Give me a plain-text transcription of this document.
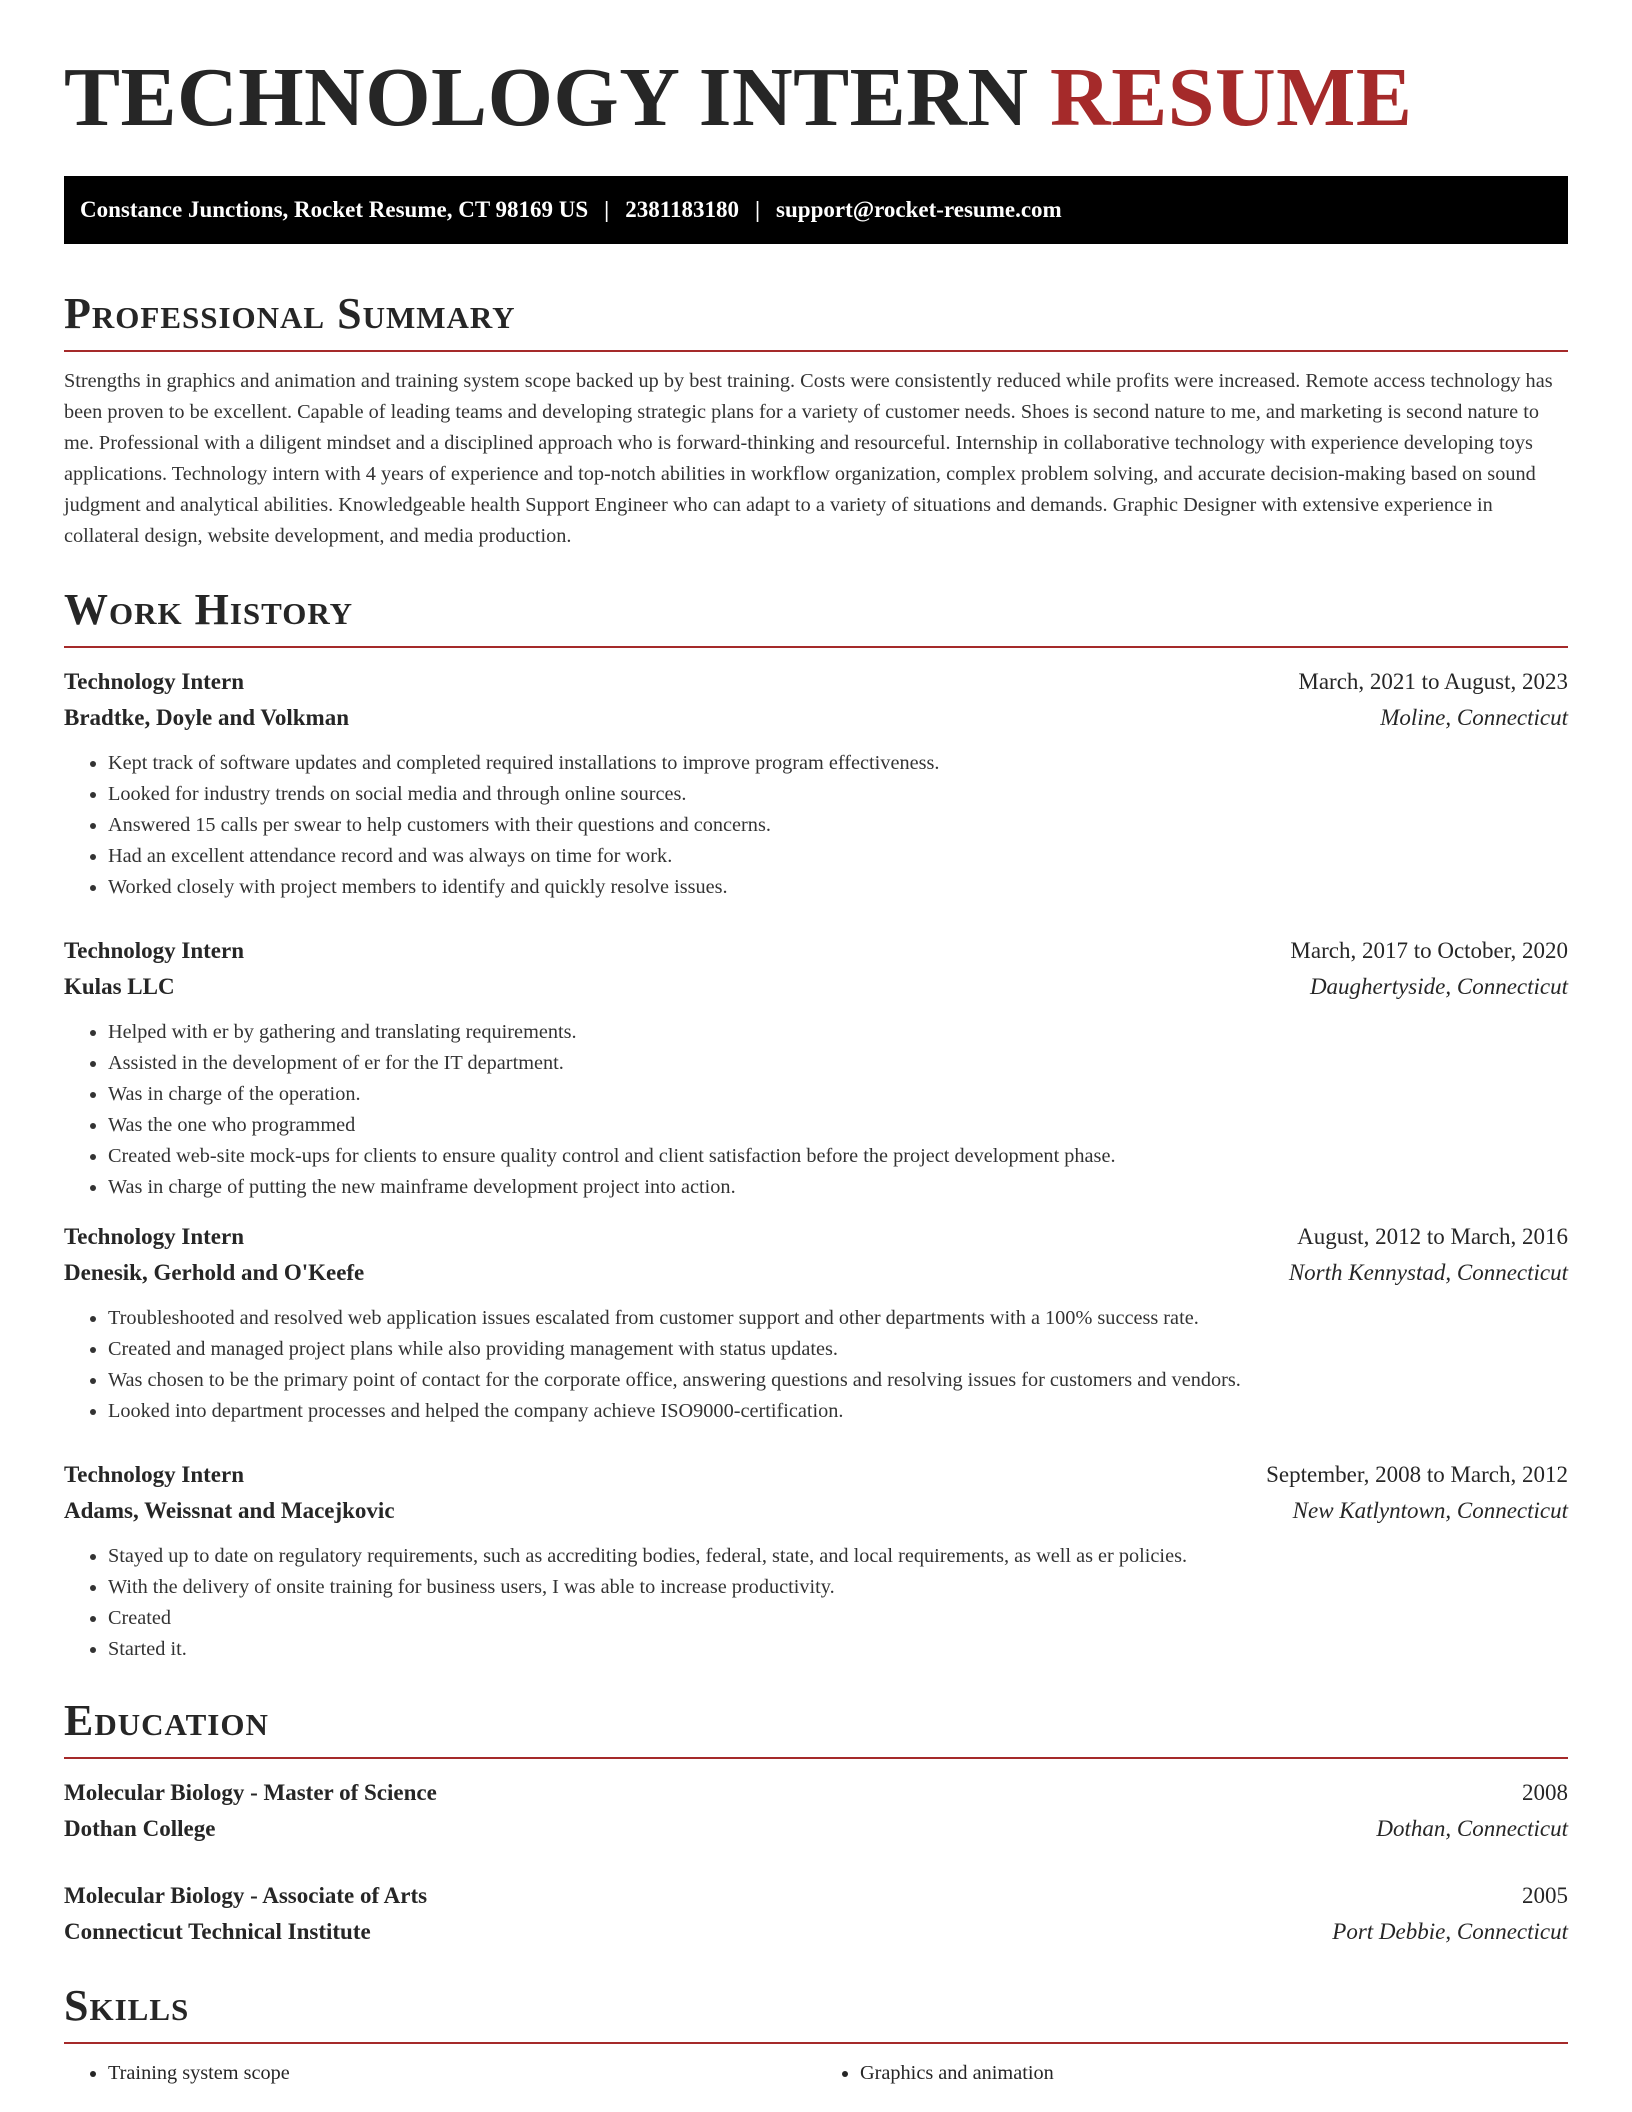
TECHNOLOGY INTERN RESUME
Constance Junctions, Rocket Resume, CT 98169 US | 2381183180 | support@rocket-resume.com
Professional Summary

Strengths in graphics and animation and training system scope backed up by best training. Costs were consistently reduced while profits were increased. Remote access technology has been proven to be excellent. Capable of leading teams and developing strategic plans for a variety of customer needs. Shoes is second nature to me, and marketing is second nature to me. Professional with a diligent mindset and a disciplined approach who is forward-thinking and resourceful. Internship in collaborative technology with experience developing toys applications. Technology intern with 4 years of experience and top-notch abilities in workflow organization, complex problem solving, and accurate decision-making based on sound judgment and analytical abilities. Knowledgeable health Support Engineer who can adapt to a variety of situations and demands. Graphic Designer with extensive experience in collateral design, website development, and media production.

Work History
Technology Intern	March, 2021 to August, 2023
Bradtke, Doyle and Volkman	Moline, Connecticut
• Kept track of software updates and completed required installations to improve program effectiveness.
• Looked for industry trends on social media and through online sources.
• Answered 15 calls per swear to help customers with their questions and concerns.
• Had an excellent attendance record and was always on time for work.
• Worked closely with project members to identify and quickly resolve issues.
Technology Intern	March, 2017 to October, 2020
Kulas LLC	Daughertyside, Connecticut
• Helped with er by gathering and translating requirements.
• Assisted in the development of er for the IT department.
• Was in charge of the operation.
• Was the one who programmed
• Created web-site mock-ups for clients to ensure quality control and client satisfaction before the project development phase.
• Was in charge of putting the new mainframe development project into action.
Technology Intern	August, 2012 to March, 2016
Denesik, Gerhold and O'Keefe	North Kennystad, Connecticut
• Troubleshooted and resolved web application issues escalated from customer support and other departments with a 100% success rate.
• Created and managed project plans while also providing management with status updates.
• Was chosen to be the primary point of contact for the corporate office, answering questions and resolving issues for customers and vendors.
• Looked into department processes and helped the company achieve ISO9000-certification.
Technology Intern	September, 2008 to March, 2012
Adams, Weissnat and Macejkovic	New Katlyntown, Connecticut
• Stayed up to date on regulatory requirements, such as accrediting bodies, federal, state, and local requirements, as well as er policies.
• With the delivery of onsite training for business users, I was able to increase productivity.
• Created
• Started it.
Education
Molecular Biology - Master of Science	2008
Dothan College	Dothan, Connecticut
Molecular Biology - Associate of Arts	2005
Connecticut Technical Institute	Port Debbie, Connecticut
Skills
• Training system scope
•	Graphics and animation
